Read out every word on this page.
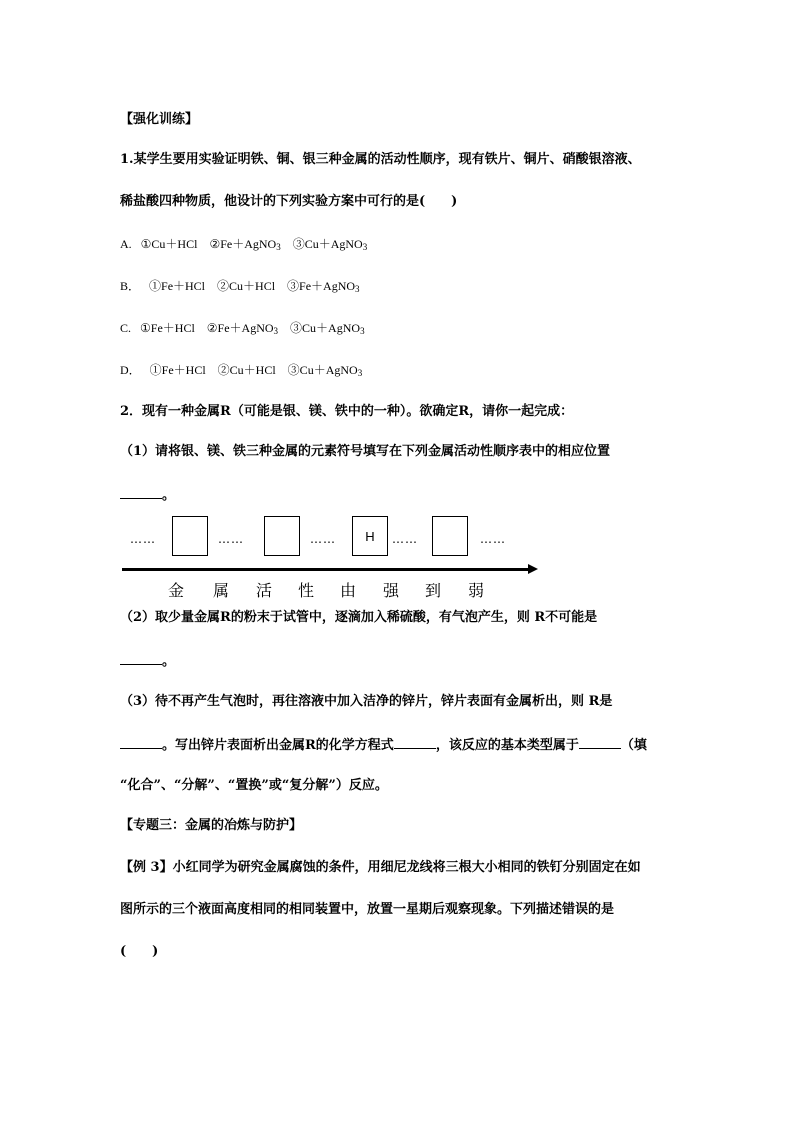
【强化训练】
1.某学生要用实验证明铁、铜、银三种金属的活动性顺序，现有铁片、铜片、硝酸银溶液、
稀盐酸四种物质，他设计的下列实验方案中可行的是(　　)
A. ①Cu＋HCl　②Fe＋AgNO$_3$　③Cu＋AgNO$_3$
B． ①Fe＋HCl　②Cu＋HCl　③Fe＋AgNO$_3$
C. ①Fe＋HCl　②Fe＋AgNO$_3$　③Cu＋AgNO$_3$
D． ①Fe＋HCl　②Cu＋HCl　③Cu＋AgNO$_3$
2．现有一种金属R（可能是银、镁、铁中的一种）。欲确定R，请你一起完成：
（1）请将银、镁、铁三种金属的元素符号填写在下列金属活动性顺序表中的相应位置
。
……	……	……	H	……	……
金 属 活 性 由 强 到 弱
（2）取少量金属R的粉末于试管中，逐滴加入稀硫酸，有气泡产生，则 R不可能是
。
（3）待不再产生气泡时，再往溶液中加入洁净的锌片，锌片表面有金属析出，则 R是
。写出锌片表面析出金属R的化学方程式	，该反应的基本类型属于	（填
“化合”、“分解”、“置换”或“复分解”）反应。
【专题三：金属的冶炼与防护】
【例 3】小红同学为研究金属腐蚀的条件，用细尼龙线将三根大小相同的铁钉分别固定在如
图所示的三个液面高度相同的相同装置中，放置一星期后观察现象。下列描述错误的是
(　　)
